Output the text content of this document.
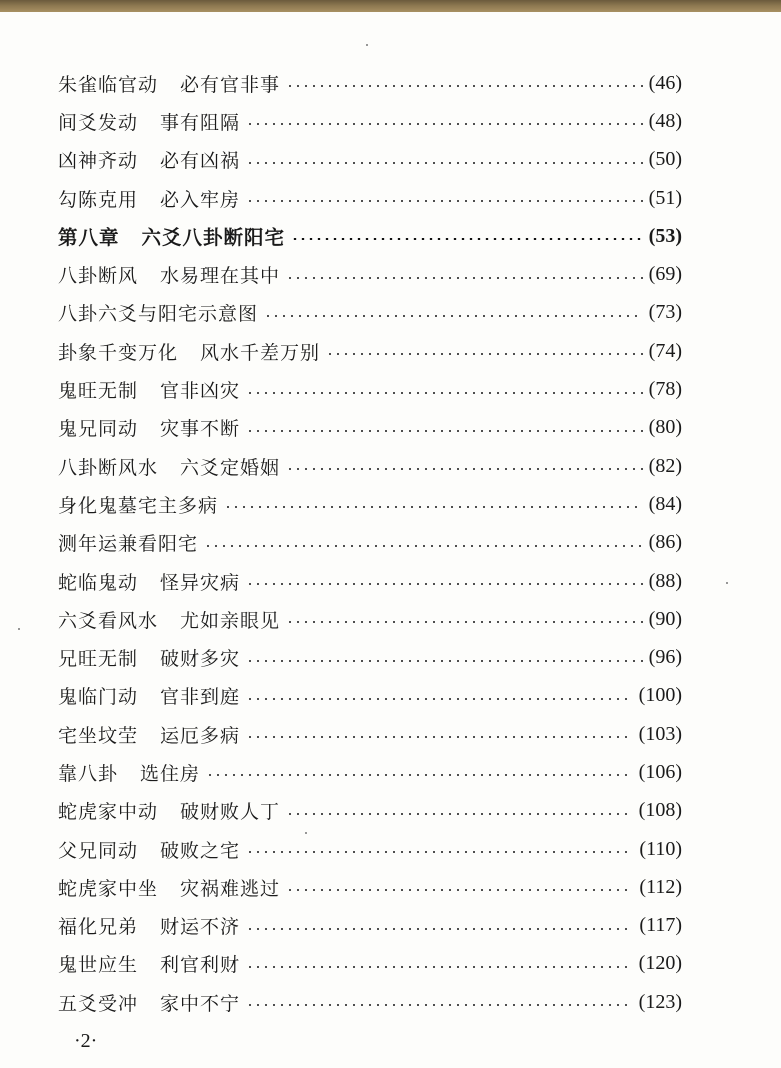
朱雀临官动 必有官非事	(46)
间爻发动 事有阻隔	(48)
凶神齐动 必有凶祸	(50)
勾陈克用 必入牢房	(51)
第八章 六爻八卦断阳宅	(53)
八卦断风 水易理在其中	(69)
八卦六爻与阳宅示意图	(73)
卦象千变万化 风水千差万别	(74)
鬼旺无制 官非凶灾	(78)
鬼兄同动 灾事不断	(80)
八卦断风水 六爻定婚姻	(82)
身化鬼墓宅主多病	(84)
测年运兼看阳宅	(86)
蛇临鬼动 怪异灾病	(88)
六爻看风水 尤如亲眼见	(90)
兄旺无制 破财多灾	(96)
鬼临门动 官非到庭	(100)
宅坐坟茔 运厄多病	(103)
靠八卦 选住房	(106)
蛇虎家中动 破财败人丁	(108)
父兄同动 破败之宅	(110)
蛇虎家中坐 灾祸难逃过	(112)
福化兄弟 财运不济	(117)
鬼世应生 利官利财	(120)
五爻受冲 家中不宁	(123)
·2·
